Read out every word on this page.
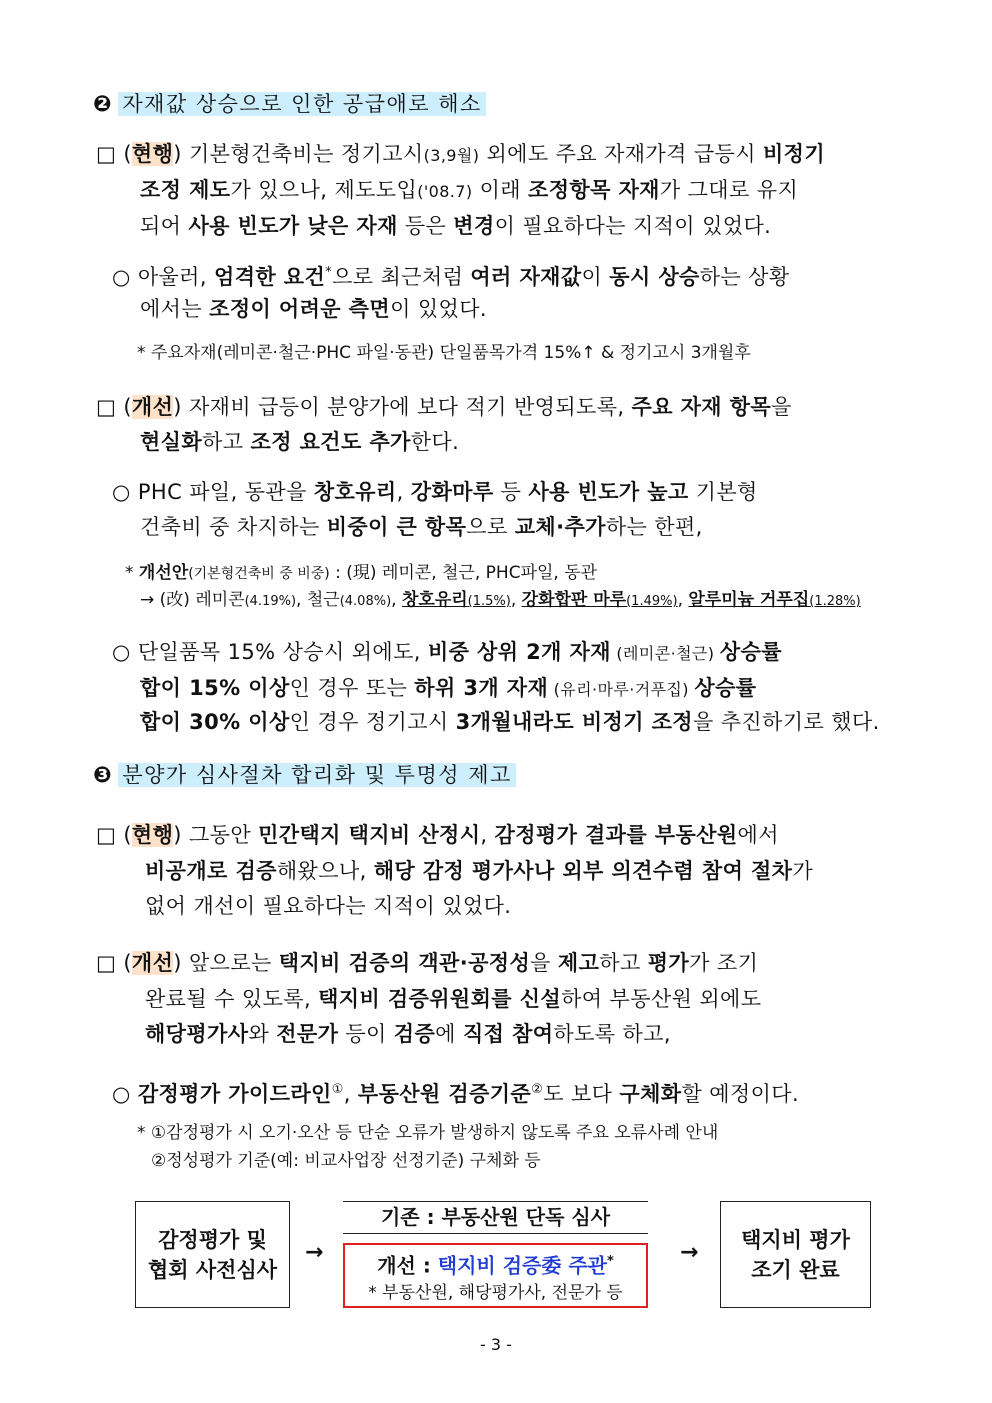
❷ 자재값 상승으로 인한 공급애로 해소
□ (현행) 기본형건축비는 정기고시(3,9월) 외에도 주요 자재가격 급등시 비정기
조정 제도가 있으나, 제도도입('08.7) 이래 조정항목 자재가 그대로 유지
되어 사용 빈도가 낮은 자재 등은 변경이 필요하다는 지적이 있었다.
○ 아울러, 엄격한 요건*으로 최근처럼 여러 자재값이 동시 상승하는 상황
에서는 조정이 어려운 측면이 있었다.
* 주요자재(레미콘·철근·PHC 파일·동관) 단일품목가격 15%↑ & 정기고시 3개월후
□ (개선) 자재비 급등이 분양가에 보다 적기 반영되도록, 주요 자재 항목을
현실화하고 조정 요건도 추가한다.
○ PHC 파일, 동관을 창호유리, 강화마루 등 사용 빈도가 높고 기본형
건축비 중 차지하는 비중이 큰 항목으로 교체·추가하는 한편,
* 개선안(기본형건축비 중 비중) : (現) 레미콘, 철근, PHC파일, 동관
→ (改) 레미콘(4.19%), 철근(4.08%), 창호유리(1.5%), 강화합판 마루(1.49%), 알루미늄 거푸집(1.28%)
○ 단일품목 15% 상승시 외에도, 비중 상위 2개 자재 (레미콘·철근) 상승률
합이 15% 이상인 경우 또는 하위 3개 자재 (유리·마루·거푸집) 상승률
합이 30% 이상인 경우 정기고시 3개월내라도 비정기 조정을 추진하기로 했다.
❸ 분양가 심사절차 합리화 및 투명성 제고
□ (현행) 그동안 민간택지 택지비 산정시, 감정평가 결과를 부동산원에서
비공개로 검증해왔으나, 해당 감정 평가사나 외부 의견수렴 참여 절차가
없어 개선이 필요하다는 지적이 있었다.
□ (개선) 앞으로는 택지비 검증의 객관·공정성을 제고하고 평가가 조기
완료될 수 있도록, 택지비 검증위원회를 신설하여 부동산원 외에도
해당평가사와 전문가 등이 검증에 직접 참여하도록 하고,
○ 감정평가 가이드라인①, 부동산원 검증기준②도 보다 구체화할 예정이다.
* ①감정평가 시 오기·오산 등 단순 오류가 발생하지 않도록 주요 오류사례 안내
②정성평가 기준(예: 비교사업장 선정기준) 구체화 등
감정평가 및
협회 사전심사
→
기존 : 부동산원 단독 심사
개선 : 택지비 검증委 주관*
* 부동산원, 해당평가사, 전문가 등
→
택지비 평가
조기 완료
- 3 -
